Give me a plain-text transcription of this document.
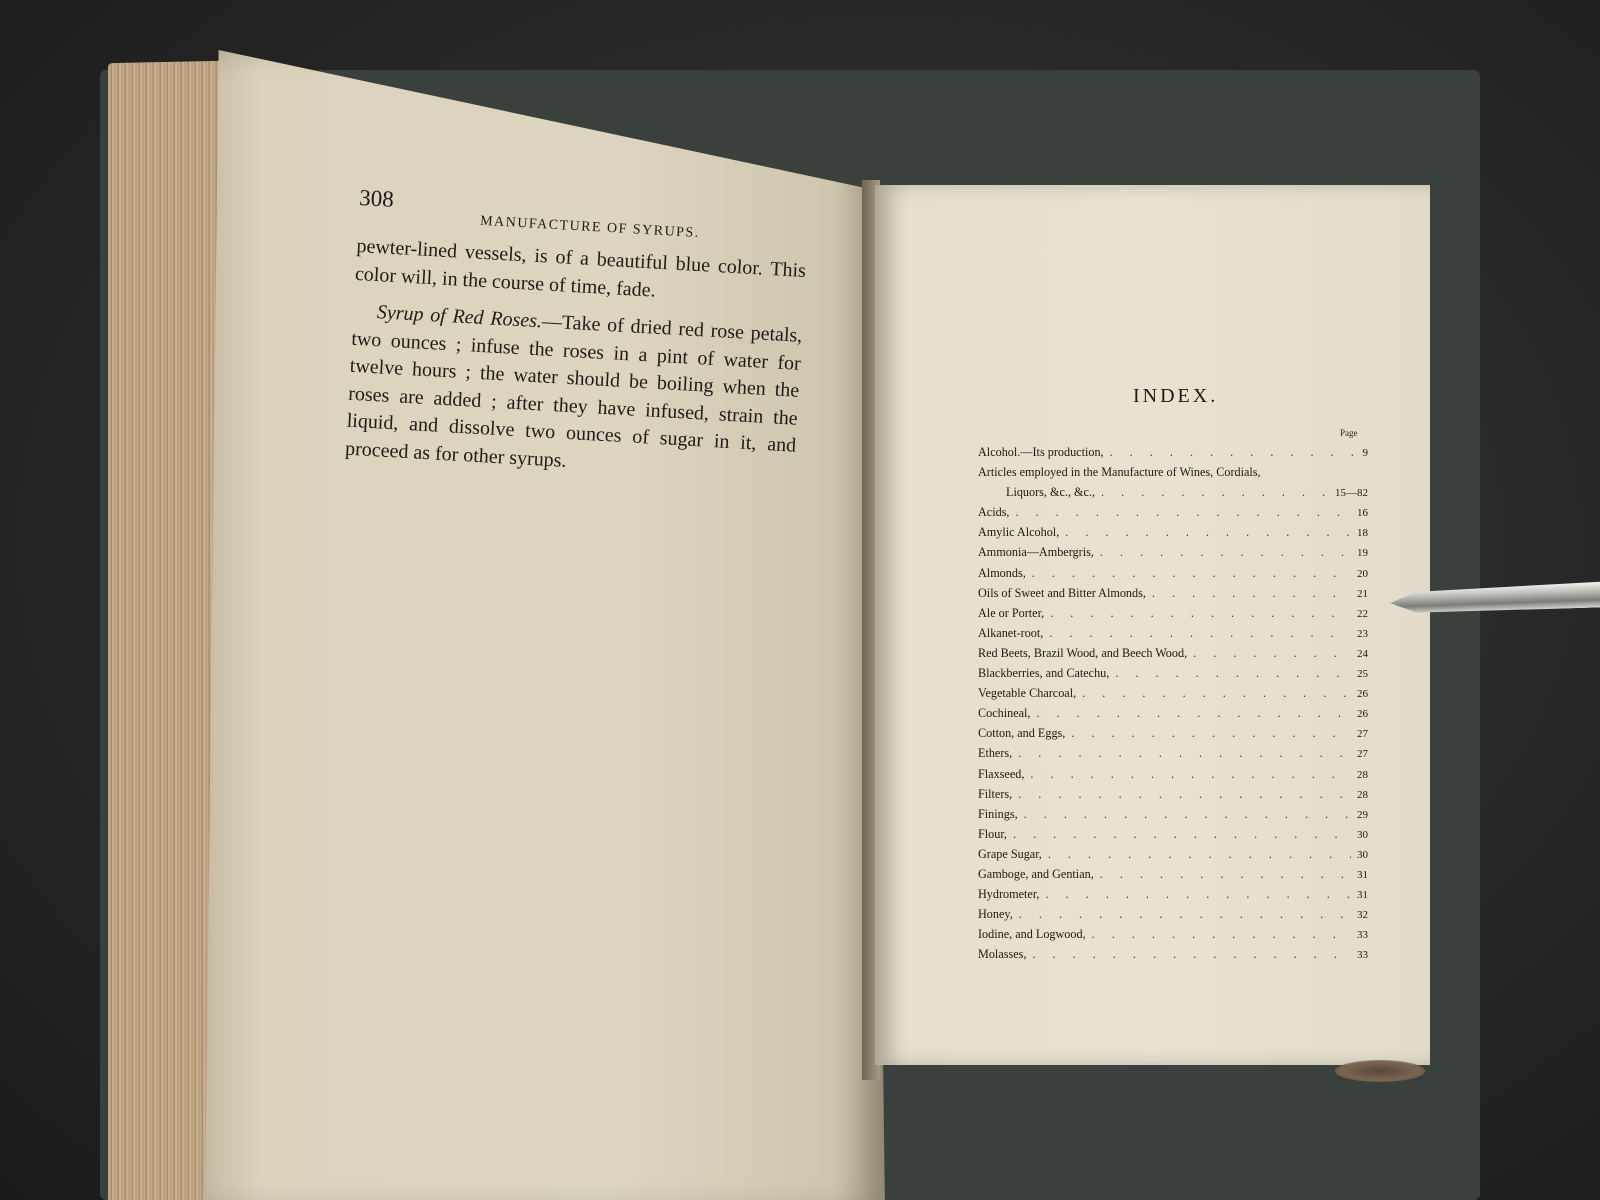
308
MANUFACTURE OF SYRUPS.

pewter-lined vessels, is of a beautiful blue color. This color will, in the course of time, fade.

Syrup of Red Roses.—Take of dried red rose petals, two ounces ; infuse the roses in a pint of water for twelve hours ; the water should be boiling when the roses are added ; after they have infused, strain the liquid, and dissolve two ounces of sugar in it, and proceed as for other syrups.

INDEX.
Page
Alcohol.—Its production, . . .	9
Articles employed in the Manufacture of Wines, Cordials,
Liquors, &c., &c., . . .	15—82
Acids, . . .	16
Amylic Alcohol, . . .	18
Ammonia—Ambergris, . . .	19
Almonds, . . .	20
Oils of Sweet and Bitter Almonds, . . .	21
Ale or Porter, . . .	22
Alkanet-root, . . .	23
Red Beets, Brazil Wood, and Beech Wood, . . .	24
Blackberries, and Catechu, . . .	25
Vegetable Charcoal, . . .	26
Cochineal, . . .	26
Cotton, and Eggs, . . .	27
Ethers, . . .	27
Flaxseed, . . .	28
Filters, . . .	28
Finings, . . .	29
Flour, . . .	30
Grape Sugar, . . .	30
Gamboge, and Gentian, . . .	31
Hydrometer, . . .	31
Honey, . . .	32
Iodine, and Logwood, . . .	33
Molasses, . . .	33
